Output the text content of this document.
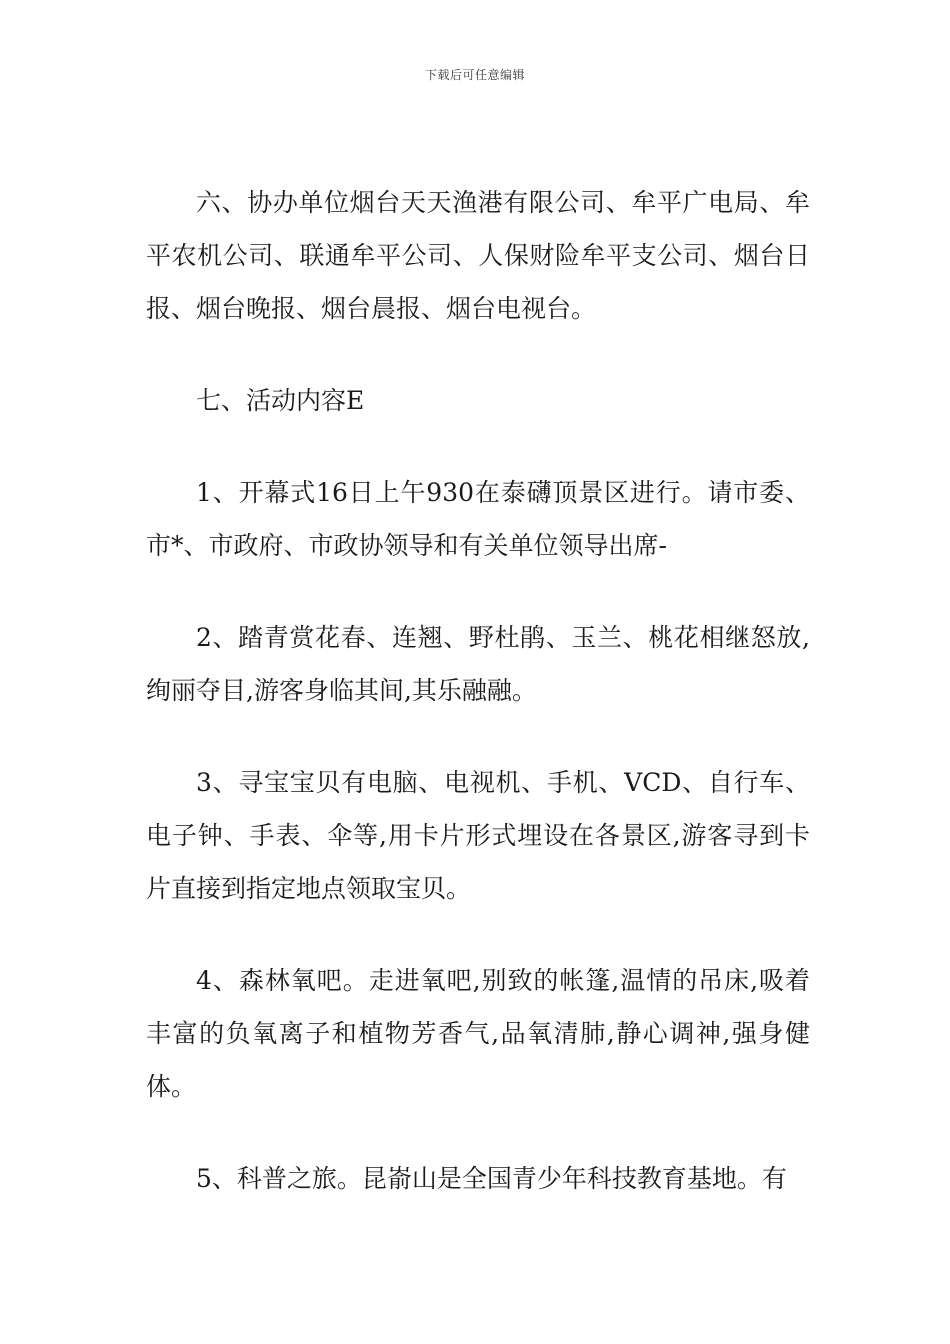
下载后可任意编辑

六、协办单位烟台天天渔港有限公司、牟平广电局、牟平农机公司、联通牟平公司、人保财险牟平支公司、烟台日报、烟台晚报、烟台晨报、烟台电视台。

七、活动内容E

1、开幕式16日上午930在泰礴顶景区进行。请市委、市*、市政府、市政协领导和有关单位领导出席-

2、踏青赏花春、连翘、野杜鹃、玉兰、桃花相继怒放,绚丽夺目,游客身临其间,其乐融融。

3、寻宝宝贝有电脑、电视机、手机、VCD、自行车、电子钟、手表、伞等,用卡片形式埋设在各景区,游客寻到卡片直接到指定地点领取宝贝。

4、森林氧吧。走进氧吧,别致的帐篷,温情的吊床,吸着丰富的负氧离子和植物芳香气,品氧清肺,静心调神,强身健体。

5、科普之旅。昆嵛山是全国青少年科技教育基地。有
